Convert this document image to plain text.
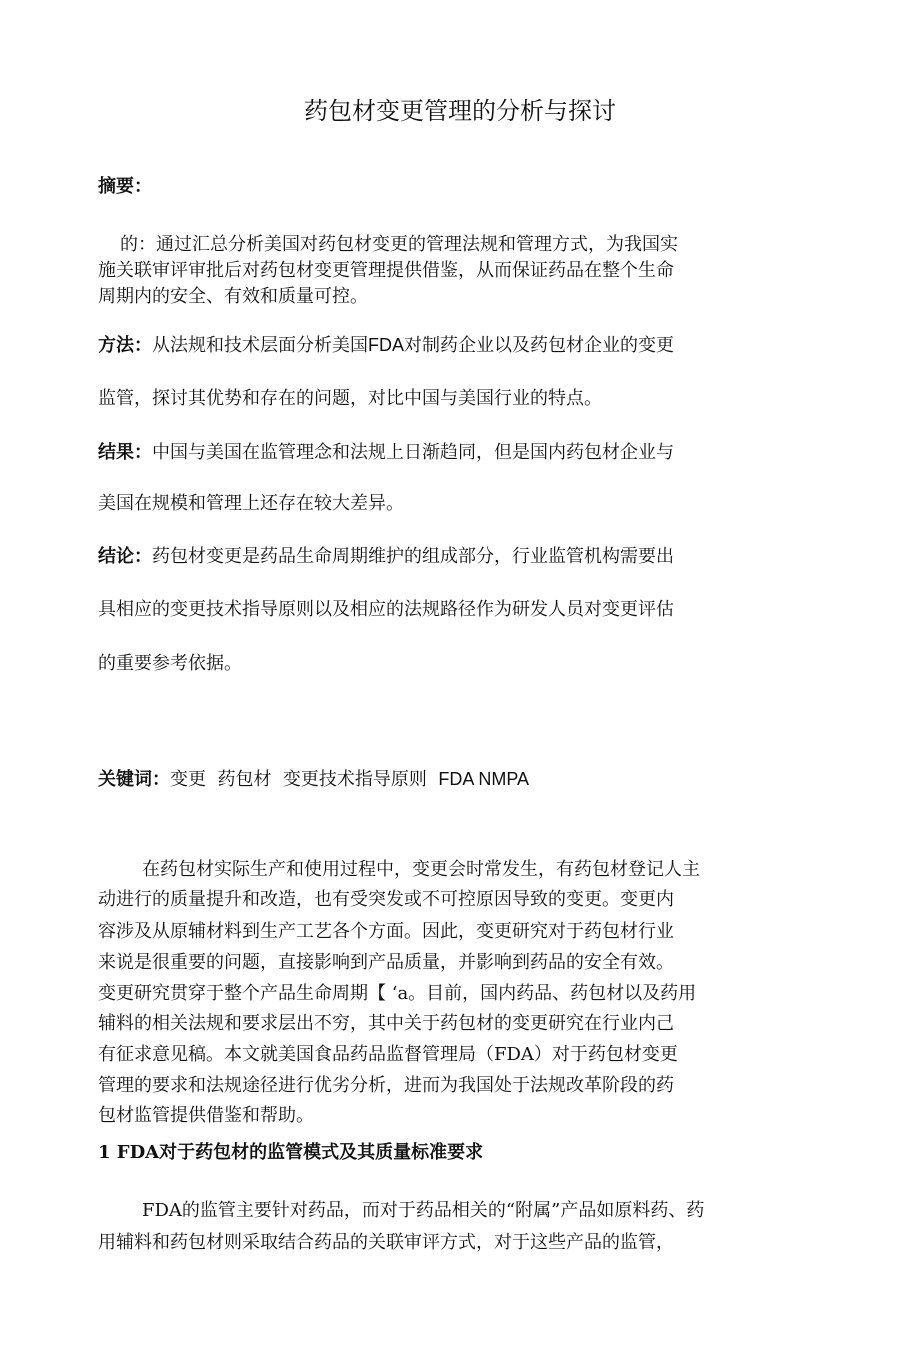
药包材变更管理的分析与探讨
摘要：
的：通过汇总分析美国对药包材变更的管理法规和管理方式，为我国实
施关联审评审批后对药包材变更管理提供借鉴，从而保证药品在整个生命
周期内的安全、有效和质量可控。
方法：从法规和技术层面分析美国FDA对制药企业以及药包材企业的变更
监管，探讨其优势和存在的问题，对比中国与美国行业的特点。
结果：中国与美国在监管理念和法规上日渐趋同，但是国内药包材企业与
美国在规模和管理上还存在较大差异。
结论：药包材变更是药品生命周期维护的组成部分，行业监管机构需要出
具相应的变更技术指导原则以及相应的法规路径作为研发人员对变更评估
的重要参考依据。
关键词：变更  药包材  变更技术指导原则  FDA NMPA
在药包材实际生产和使用过程中，变更会时常发生，有药包材登记人主
动进行的质量提升和改造，也有受突发或不可控原因导致的变更。变更内
容涉及从原辅材料到生产工艺各个方面。因此，变更研究对于药包材行业
来说是很重要的问题，直接影响到产品质量，并影响到药品的安全有效。
变更研究贯穿于整个产品生命周期【 ‘a。目前，国内药品、药包材以及药用
辅料的相关法规和要求层出不穷，其中关于药包材的变更研究在行业内己
有征求意见稿。本文就美国食品药品监督管理局（FDA）对于药包材变更
管理的要求和法规途径进行优劣分析，进而为我国处于法规改革阶段的药
包材监管提供借鉴和帮助。
1 FDA对于药包材的监管模式及其质量标准要求
FDA的监管主要针对药品，而对于药品相关的“附属”产品如原料药、药
用辅料和药包材则采取结合药品的关联审评方式，对于这些产品的监管，
